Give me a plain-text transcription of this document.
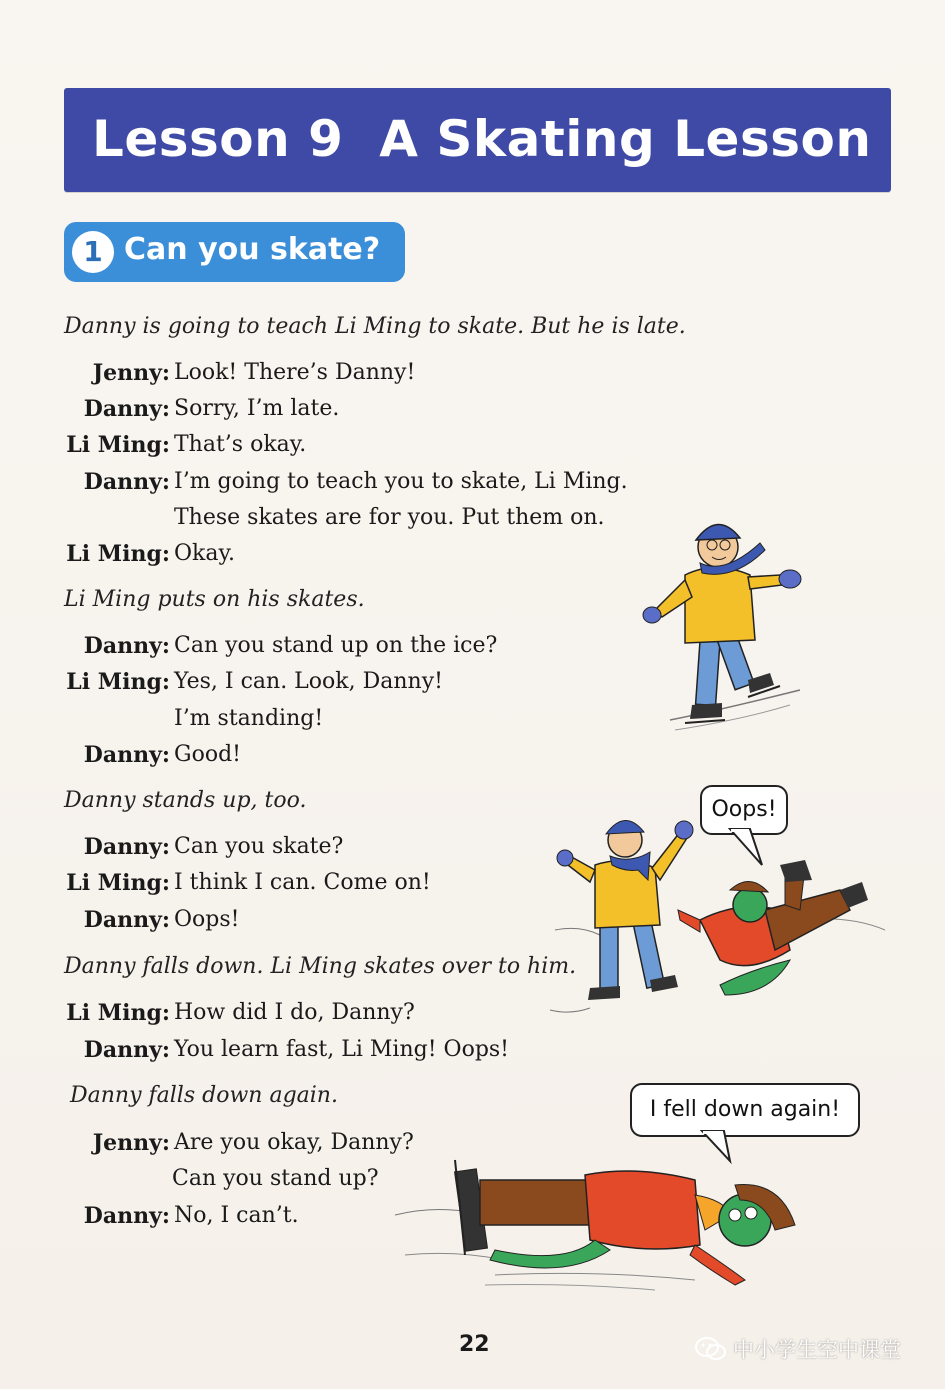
Lesson 9  A Skating Lesson
1 Can you skate?
Danny is going to teach Li Ming to skate. But he is late.
Jenny: Look! There’s Danny!
Danny: Sorry, I’m late.
Li Ming: That’s okay.
Danny: I’m going to teach you to skate, Li Ming.
These skates are for you. Put them on.
Li Ming: Okay.
Li Ming puts on his skates.
Danny: Can you stand up on the ice?
Li Ming: Yes, I can. Look, Danny!
I’m standing!
Danny: Good!
Danny stands up, too.
Danny: Can you skate?
Li Ming: I think I can. Come on!
Danny: Oops!
Danny falls down. Li Ming skates over to him.
Li Ming: How did I do, Danny?
Danny: You learn fast, Li Ming! Oops!
Danny falls down again.
Jenny: Are you okay, Danny?
Can you stand up?
Danny: No, I can’t.
Oops!
I fell down again!
22	中小学生空中课堂
